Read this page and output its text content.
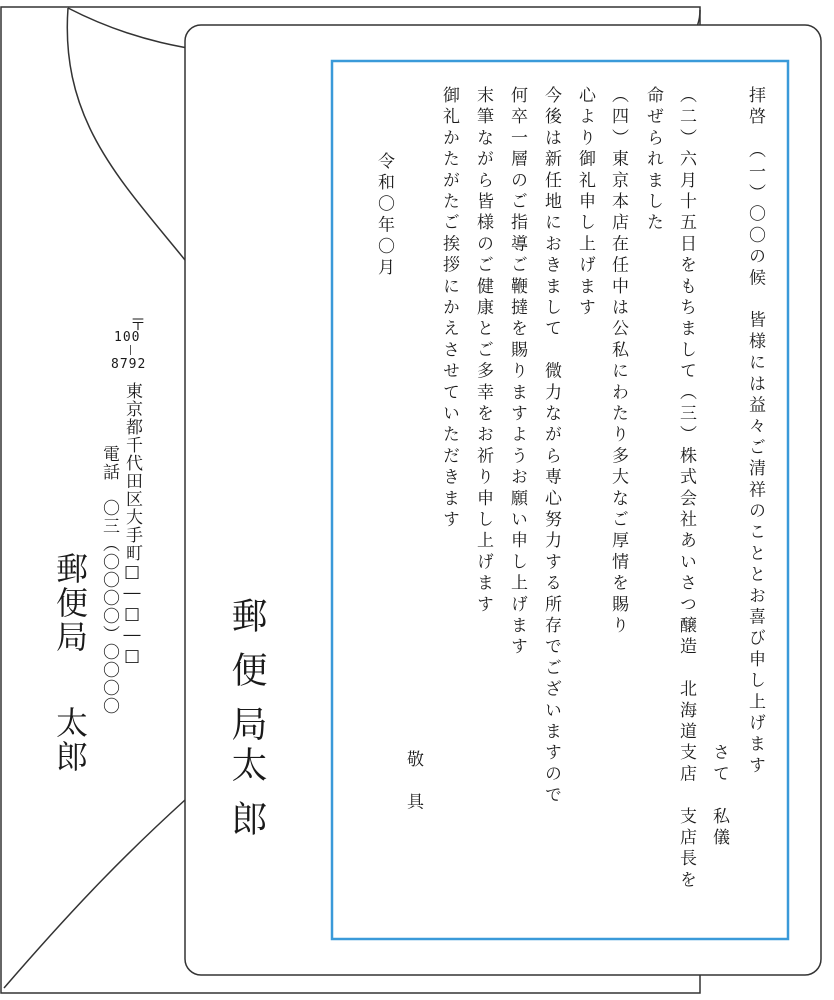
〒
100
8792
東京都千代田区大手町□―□―□
電話　〇三（〇〇〇〇）〇〇〇〇
郵便局
太郎	拝啓　（一）〇〇の候　皆様には益々ご清祥のこととお喜び申し上げます
　　　　　　　　　　　　　　　　　　　　　　　　　　　　　　　さて　私儀
（二）六月十五日をもちまして（三）株式会社あいさつ醸造　北海道支店　支店長を
命ぜられました
（四）東京本店在任中は公私にわたり多大なご厚情を賜り
心より御礼申し上げます
今後は新任地におきまして　微力ながら専心努力する所存でございますので
何卒一層のご指導ご鞭撻を賜りますようお願い申し上げます
末筆ながら皆様のご健康とご多幸をお祈り申し上げます
御礼かたがたご挨拶にかえさせていただきます
敬　具
令和〇年〇月
郵便局
太郎
